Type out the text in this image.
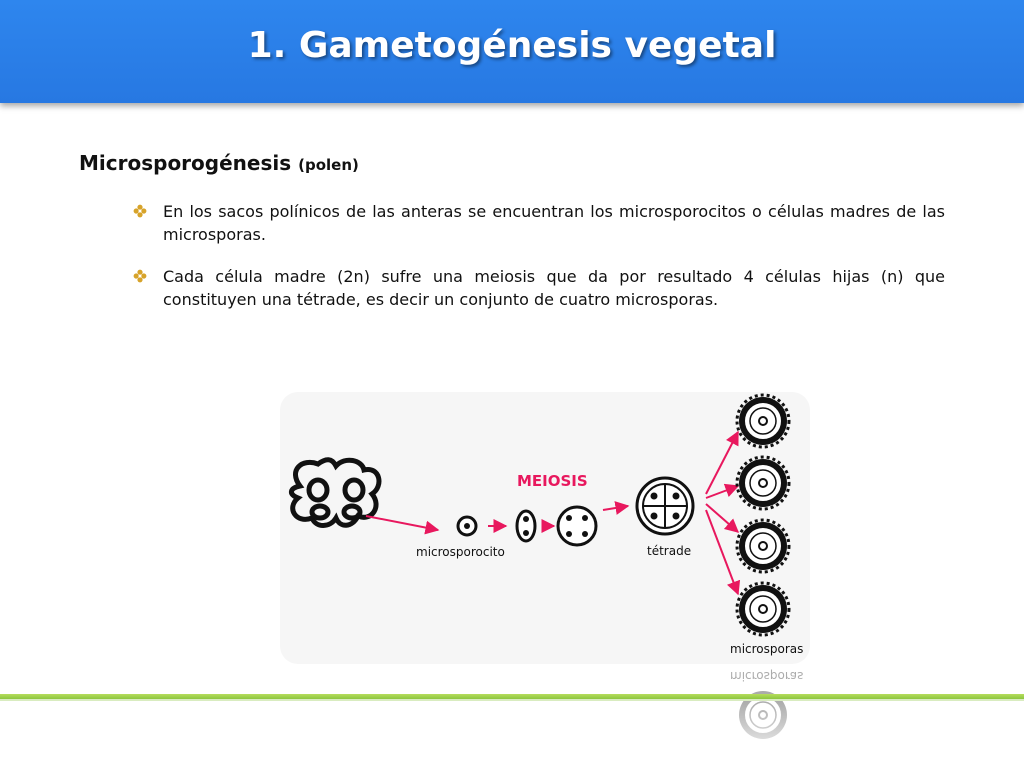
1. Gametogénesis vegetal
Microsporogénesis (polen)
En los sacos polínicos de las anteras se encuentran los microsporocitos o células madres de las microsporas.
Cada célula madre (2n) sufre una meiosis que da por resultado 4 células hijas (n) que constituyen una tétrade, es decir un conjunto de cuatro microsporas.
MEIOSIS
microsporocito	tétrade
microsporas
microsporas
